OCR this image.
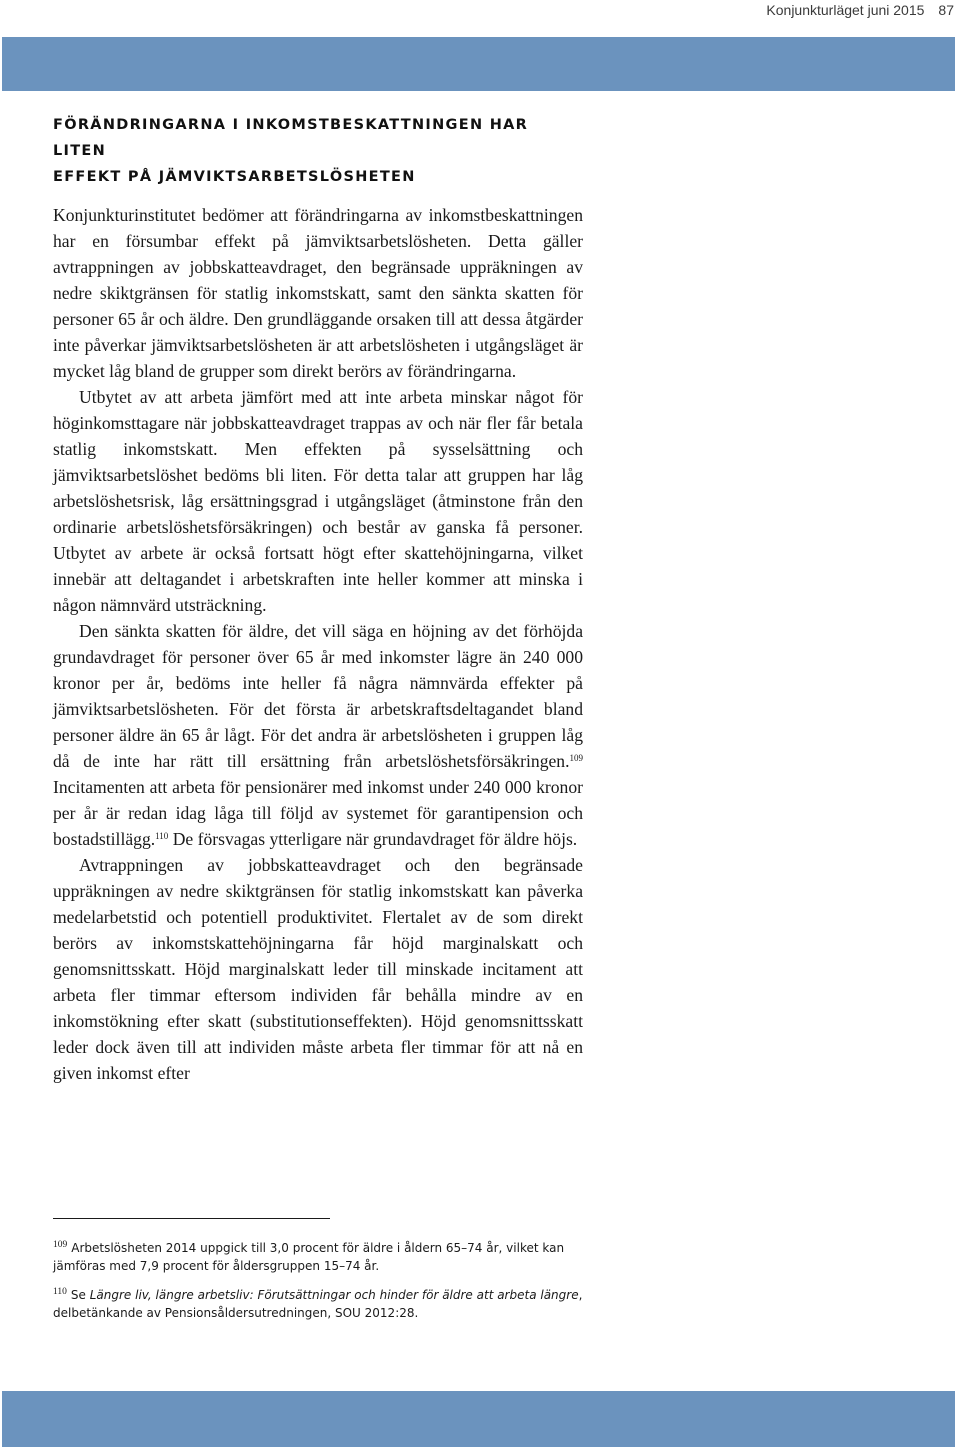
Konjunkturläget juni 2015 87
FÖRÄNDRINGARNA I INKOMSTBESKATTNINGEN HAR LITEN
EFFEKT PÅ JÄMVIKTSARBETSLÖSHETEN

Konjunkturinstitutet bedömer att förändringarna av inkomstbeskattningen har en försumbar effekt på jämviktsarbetslösheten. Detta gäller avtrappningen av jobbskatteavdraget, den begränsade uppräkningen av nedre skiktgränsen för statlig inkomstskatt, samt den sänkta skatten för personer 65 år och äldre. Den grundläggande orsaken till att dessa åtgärder inte påverkar jämviktsarbetslösheten är att arbetslösheten i utgångsläget är mycket låg bland de grupper som direkt berörs av förändringarna.

Utbytet av att arbeta jämfört med att inte arbeta minskar något för höginkomsttagare när jobbskatteavdraget trappas av och när fler får betala statlig inkomstskatt. Men effekten på sysselsättning och jämviktsarbetslöshet bedöms bli liten. För detta talar att gruppen har låg arbetslöshetsrisk, låg ersättningsgrad i utgångsläget (åtminstone från den ordinarie arbetslöshetsförsäkringen) och består av ganska få personer. Utbytet av arbete är också fortsatt högt efter skattehöjningarna, vilket innebär att deltagandet i arbetskraften inte heller kommer att minska i någon nämnvärd utsträckning.

Den sänkta skatten för äldre, det vill säga en höjning av det förhöjda grundavdraget för personer över 65 år med inkomster lägre än 240 000 kronor per år, bedöms inte heller få några nämnvärda effekter på jämviktsarbetslösheten. För det första är arbetskraftsdeltagandet bland personer äldre än 65 år lågt. För det andra är arbetslösheten i gruppen låg då de inte har rätt till ersättning från arbetslöshetsförsäkringen.$^{109}$ Incitamenten att arbeta för pensionärer med inkomst under 240 000 kronor per år är redan idag låga till följd av systemet för garantipension och bostadstillägg.$^{110}$ De försvagas ytterligare när grundavdraget för äldre höjs.

Avtrappningen av jobbskatteavdraget och den begränsade uppräkningen av nedre skiktgränsen för statlig inkomstskatt kan påverka medelarbetstid och potentiell produktivitet. Flertalet av de som direkt berörs av inkomstskattehöjningarna får höjd marginalskatt och genomsnittsskatt. Höjd marginalskatt leder till minskade incitament att arbeta fler timmar eftersom individen får behålla mindre av en inkomstökning efter skatt (substitutionseffekten). Höjd genomsnittsskatt leder dock även till att individen måste arbeta fler timmar för att nå en given inkomst efter

$^{109}$ Arbetslösheten 2014 uppgick till 3,0 procent för äldre i åldern 65–74 år, vilket kan jämföras med 7,9 procent för åldersgruppen 15–74 år.

$^{110}$ Se Längre liv, längre arbetsliv: Förutsättningar och hinder för äldre att arbeta längre, delbetänkande av Pensionsåldersutredningen, SOU 2012:28.
